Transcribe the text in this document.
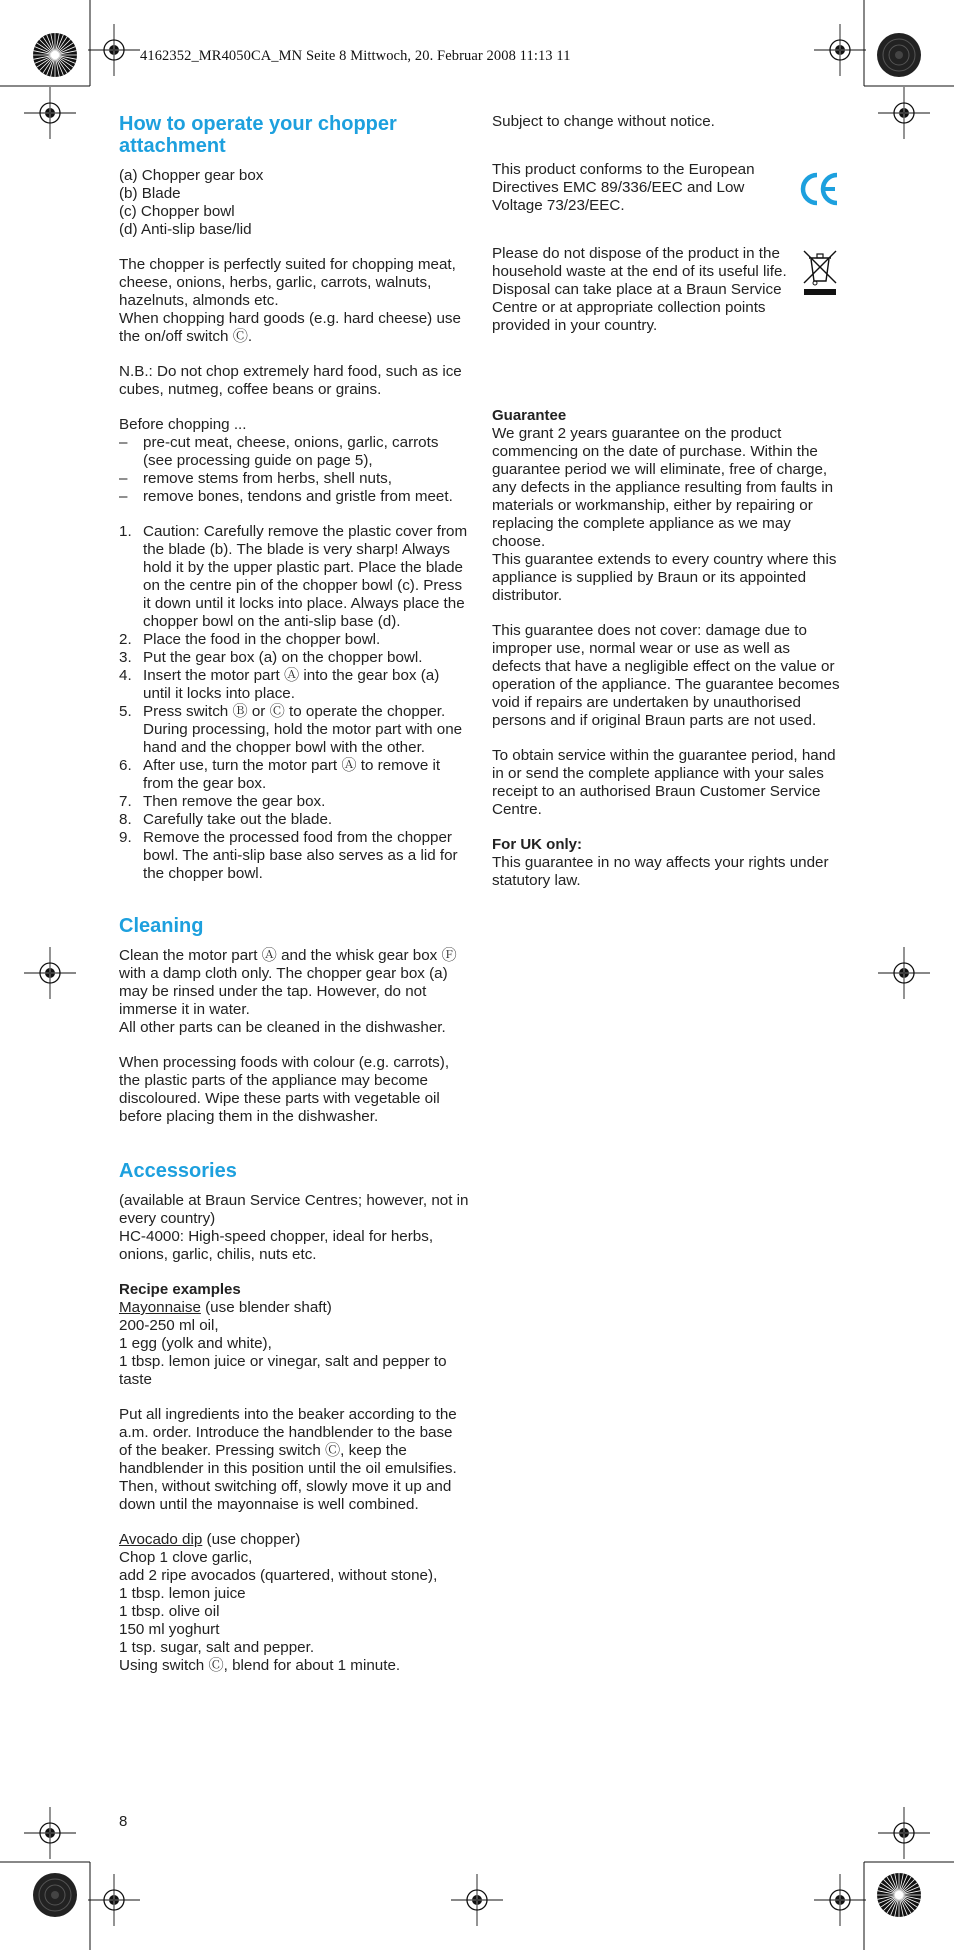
4162352_MR4050CA_MN Seite 8 Mittwoch, 20. Februar 2008 11:13 11
How to operate your chopper attachment

(a) Chopper gear box

(b) Blade

(c) Chopper bowl

(d) Anti-slip base/lid

The chopper is perfectly suited for chopping meat, cheese, onions, herbs, garlic, carrots, walnuts, hazelnuts, almonds etc.

When chopping hard goods (e.g. hard cheese) use the on/off switch Ⓒ.

N.B.: Do not chop extremely hard food, such as ice cubes, nutmeg, coffee beans or grains.

Before chopping ...

– pre-cut meat, cheese, onions, garlic, carrots (see processing guide on page 5),
– remove stems from herbs, shell nuts,
– remove bones, tendons and gristle from meet.
1. Caution: Carefully remove the plastic cover from the blade (b). The blade is very sharp! Always hold it by the upper plastic part. Place the blade on the centre pin of the chopper bowl (c). Press it down until it locks into place. Always place the chopper bowl on the anti-slip base (d).
2. Place the food in the chopper bowl.
3. Put the gear box (a) on the chopper bowl.
4. Insert the motor part Ⓐ into the gear box (a) until it locks into place.
5. Press switch Ⓑ or Ⓒ to operate the chopper. During processing, hold the motor part with one hand and the chopper bowl with the other.
6. After use, turn the motor part Ⓐ to remove it from the gear box.
7. Then remove the gear box.
8. Carefully take out the blade.
9. Remove the processed food from the chopper bowl. The anti-slip base also serves as a lid for the chopper bowl.
Cleaning

Clean the motor part Ⓐ and the whisk gear box Ⓕ with a damp cloth only. The chopper gear box (a) may be rinsed under the tap. However, do not immerse it in water.

All other parts can be cleaned in the dishwasher.

When processing foods with colour (e.g. carrots), the plastic parts of the appliance may become discoloured. Wipe these parts with vegetable oil before placing them in the dishwasher.

Accessories

(available at Braun Service Centres; however, not in every country)

HC-4000: High-speed chopper, ideal for herbs, onions, garlic, chilis, nuts etc.

Recipe examples

Mayonnaise (use blender shaft)

200-250 ml oil,

1 egg (yolk and white),

1 tbsp. lemon juice or vinegar, salt and pepper to taste

Put all ingredients into the beaker according to the a.m. order. Introduce the handblender to the base of the beaker. Pressing switch Ⓒ, keep the handblender in this position until the oil emulsifies. Then, without switching off, slowly move it up and down until the mayonnaise is well combined.

Avocado dip (use chopper)

Chop 1 clove garlic,

add 2 ripe avocados (quartered, without stone),

1 tbsp. lemon juice

1 tbsp. olive oil

150 ml yoghurt

1 tsp. sugar, salt and pepper.

Using switch Ⓒ, blend for about 1 minute.

Subject to change without notice.

This product conforms to the European Directives EMC 89/336/EEC and Low Voltage 73/23/EEC.

Please do not dispose of the product in the household waste at the end of its useful life. Disposal can take place at a Braun Service Centre or at appropriate collection points provided in your country.

Guarantee

We grant 2 years guarantee on the product commencing on the date of purchase. Within the guarantee period we will eliminate, free of charge, any defects in the appliance resulting from faults in materials or workmanship, either by repairing or replacing the complete appliance as we may choose.

This guarantee extends to every country where this appliance is supplied by Braun or its appointed distributor.

This guarantee does not cover: damage due to improper use, normal wear or use as well as defects that have a negligible effect on the value or operation of the appliance. The guarantee becomes void if repairs are undertaken by unauthorised persons and if original Braun parts are not used.

To obtain service within the guarantee period, hand in or send the complete appliance with your sales receipt to an authorised Braun Customer Service Centre.

For UK only:

This guarantee in no way affects your rights under statutory law.

8
